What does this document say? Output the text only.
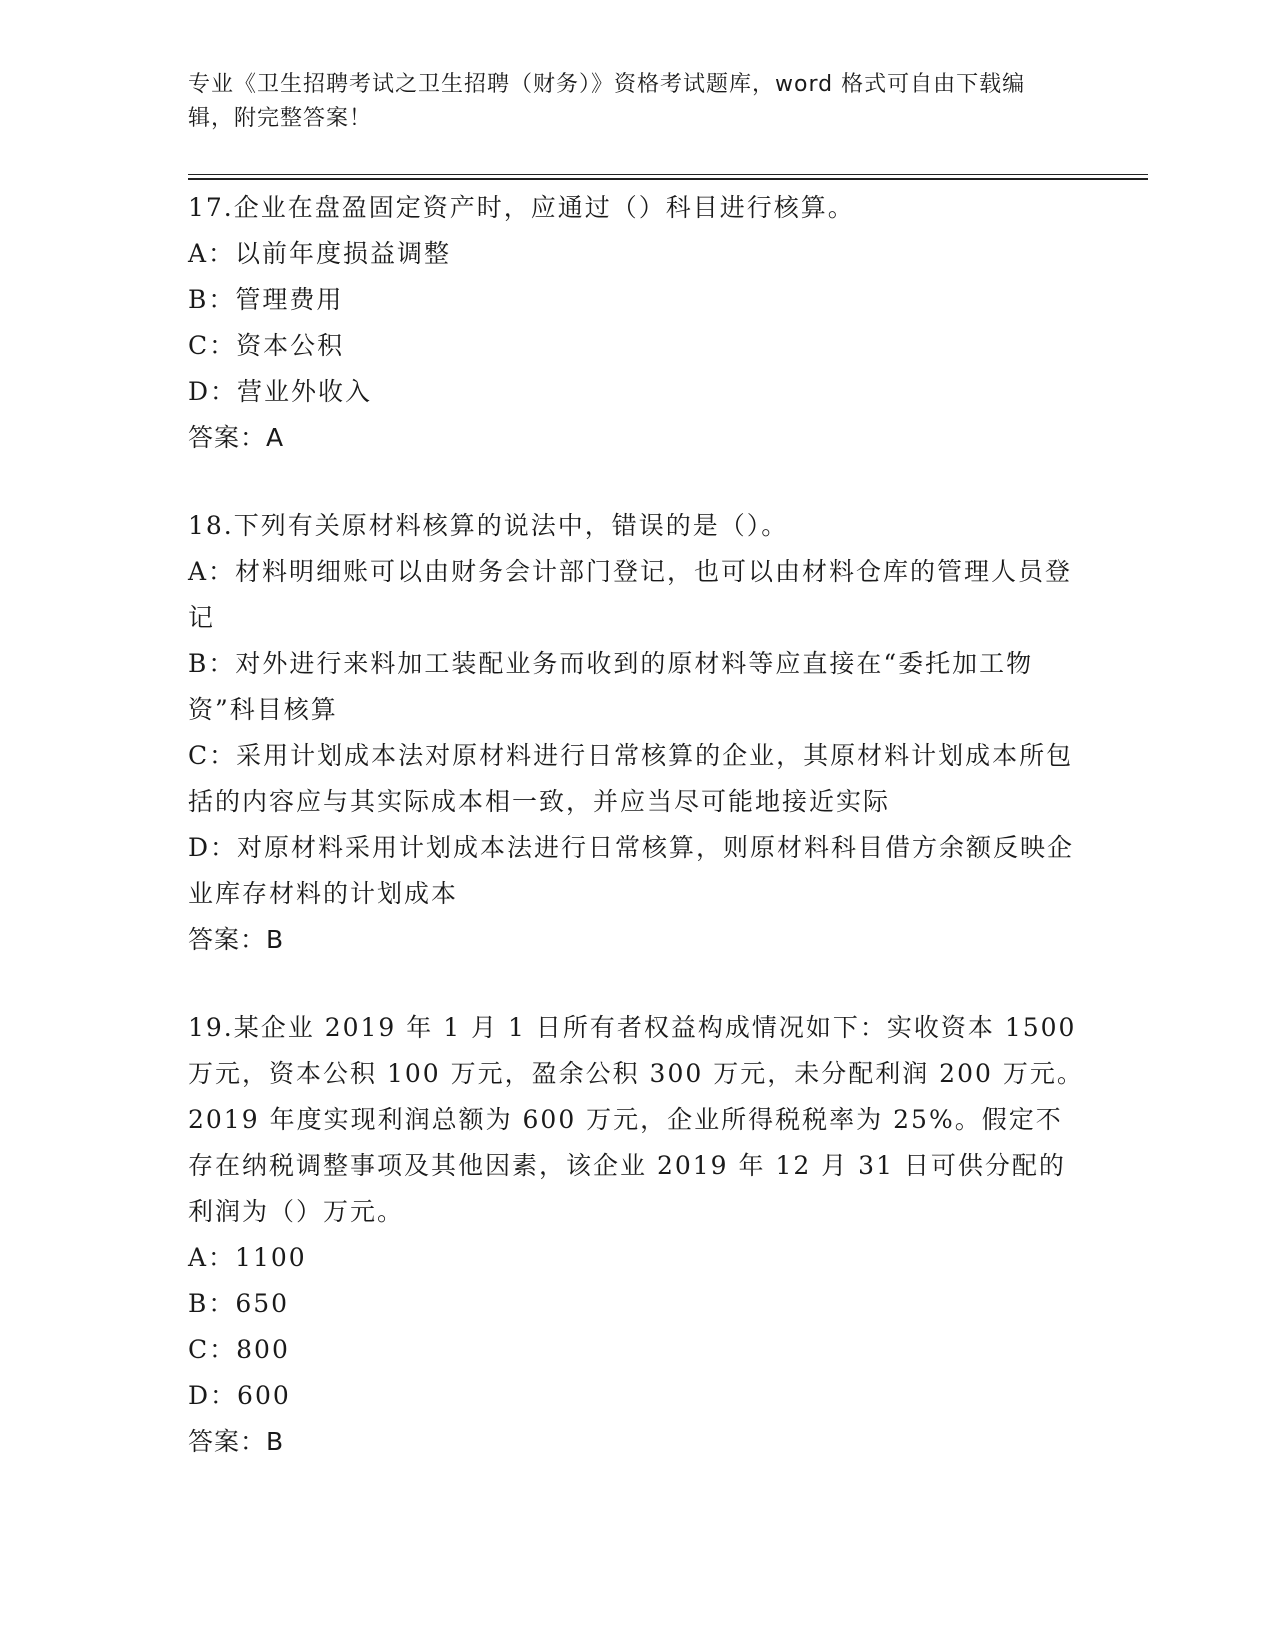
专业《卫生招聘考试之卫生招聘（财务）》资格考试题库，word 格式可自由下载编辑，附完整答案！

17.企业在盘盈固定资产时，应通过（）科目进行核算。

A：以前年度损益调整

B：管理费用

C：资本公积

D：营业外收入

答案：A

18.下列有关原材料核算的说法中，错误的是（）。

A：材料明细账可以由财务会计部门登记，也可以由材料仓库的管理人员登记

B：对外进行来料加工装配业务而收到的原材料等应直接在“委托加工物资”科目核算

C：采用计划成本法对原材料进行日常核算的企业，其原材料计划成本所包括的内容应与其实际成本相一致，并应当尽可能地接近实际

D：对原材料采用计划成本法进行日常核算，则原材料科目借方余额反映企业库存材料的计划成本

答案：B

19.某企业 2019 年 1 月 1 日所有者权益构成情况如下：实收资本 1500 万元，资本公积 100 万元，盈余公积 300 万元，未分配利润 200 万元。2019 年度实现利润总额为 600 万元，企业所得税税率为 25%。假定不存在纳税调整事项及其他因素，该企业 2019 年 12 月 31 日可供分配的利润为（）万元。

A：1100

B：650

C：800

D：600

答案：B
